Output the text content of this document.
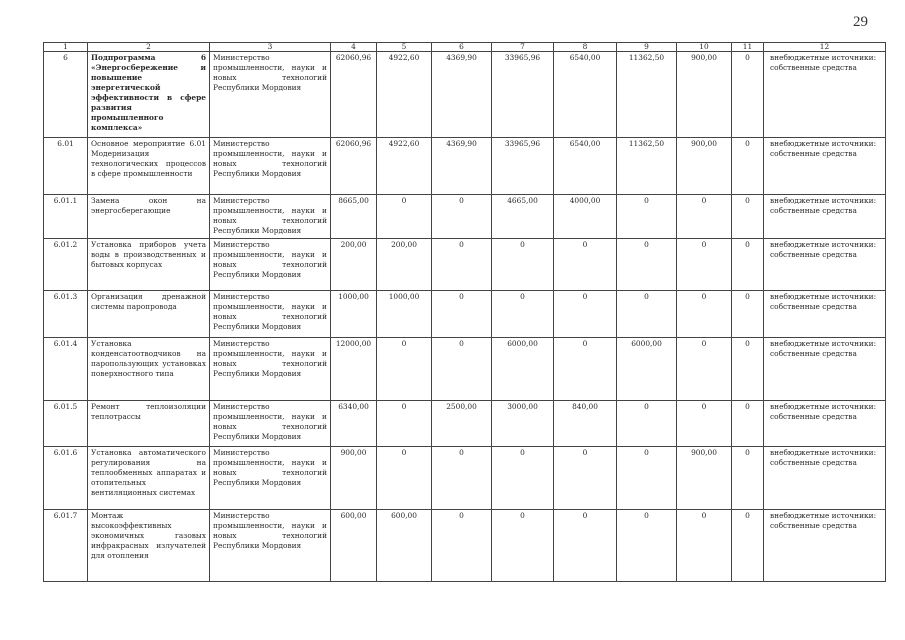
29
1	2	3	4	5	6	7	8	9	10	11	12
6	Подпрограмма 6 «Энергосбережение и повышение энергетической эффективности в сфере развития промышленного комплекса»	Министерство промышленности, науки и новых технологий Республики Мордовия	62060,96	4922,60	4369,90	33965,96	6540,00	11362,50	900,00	0	внебюджетные источники: собственные средства
6.01	Основное мероприятие 6.01 Модернизация технологических процессов в сфере промышленности	Министерство промышленности, науки и новых технологий Республики Мордовия	62060,96	4922,60	4369,90	33965,96	6540,00	11362,50	900,00	0	внебюджетные источники: собственные средства
6.01.1	Замена окон на энергосберегающие	Министерство промышленности, науки и новых технологий Республики Мордовия	8665,00	0	0	4665,00	4000,00	0	0	0	внебюджетные источники: собственные средства
6.01.2	Установка приборов учета воды в производственных и бытовых корпусах	Министерство промышленности, науки и новых технологий Республики Мордовия	200,00	200,00	0	0	0	0	0	0	внебюджетные источники: собственные средства
6.01.3	Организация дренажной системы паропровода	Министерство промышленности, науки и новых технологий Республики Мордовия	1000,00	1000,00	0	0	0	0	0	0	внебюджетные источники: собственные средства
6.01.4	Установка конденсатоотводчиков на паропользующих установках поверхностного типа	Министерство промышленности, науки и новых технологий Республики Мордовия	12000,00	0	0	6000,00	0	6000,00	0	0	внебюджетные источники: собственные средства
6.01.5	Ремонт теплоизоляции теплотрассы	Министерство промышленности, науки и новых технологий Республики Мордовия	6340,00	0	2500,00	3000,00	840,00	0	0	0	внебюджетные источники: собственные средства
6.01.6	Установка автоматического регулирования на теплообменных аппаратах и отопительных вентиляционных системах	Министерство промышленности, науки и новых технологий Республики Мордовия	900,00	0	0	0	0	0	900,00	0	внебюджетные источники: собственные средства
6.01.7	Монтаж высокоэффективных экономичных газовых инфракрасных излучателей для отопления	Министерство промышленности, науки и новых технологий Республики Мордовия	600,00	600,00	0	0	0	0	0	0	внебюджетные источники: собственные средства
